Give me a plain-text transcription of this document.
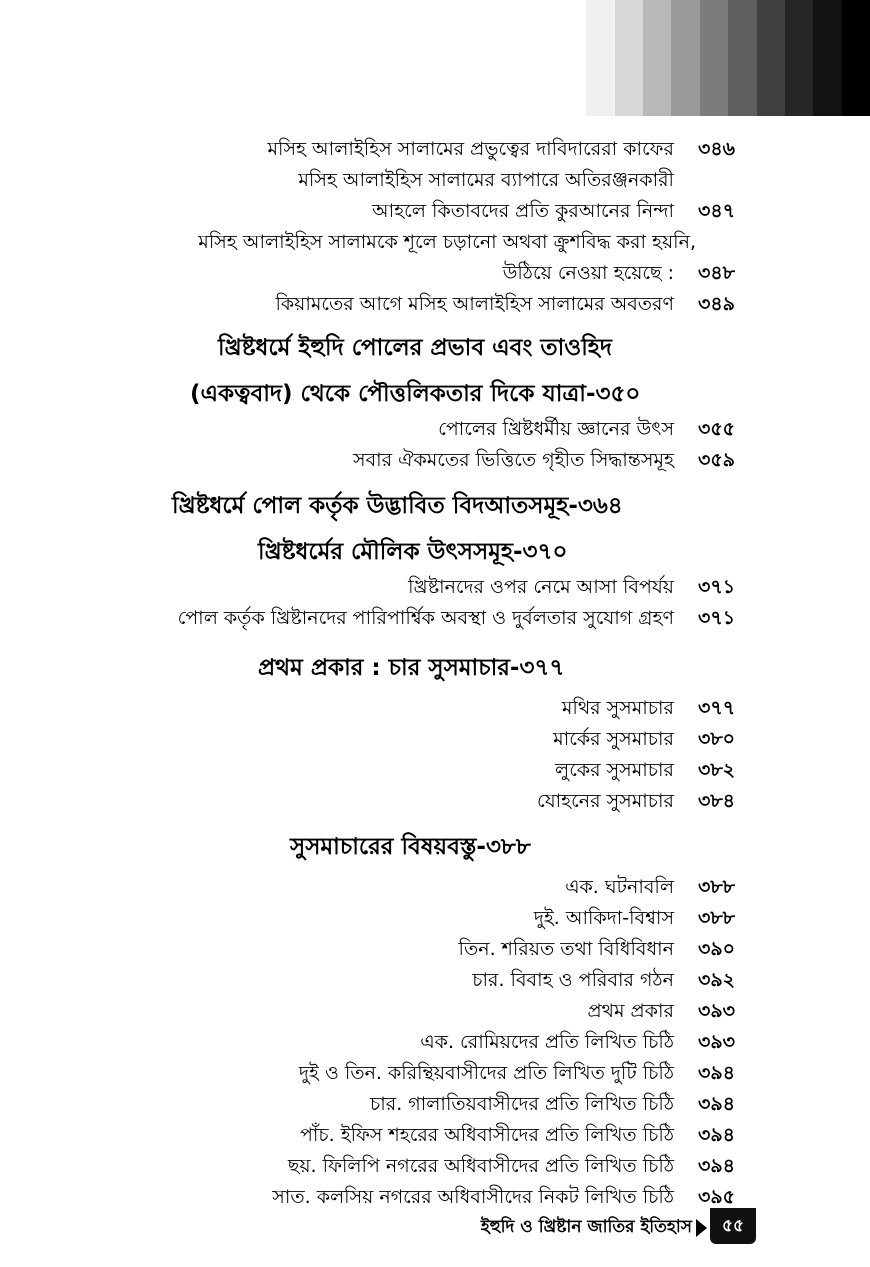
মসিহ আলাইহিস সালামের প্রভুত্বের দাবিদারেরা কাফের ৩৪৬
মসিহ আলাইহিস সালামের ব্যাপারে অতিরঞ্জনকারী
আহলে কিতাবদের প্রতি কুরআনের নিন্দা ৩৪৭
মসিহ আলাইহিস সালামকে শূলে চড়ানো অথবা ক্রুশবিদ্ধ করা হয়নি,
উঠিয়ে নেওয়া হয়েছে : ৩৪৮
কিয়ামতের আগে মসিহ আলাইহিস সালামের অবতরণ ৩৪৯
খ্রিষ্টধর্মে ইহুদি পোলের প্রভাব এবং তাওহিদ
(একত্ববাদ) থেকে পৌত্তলিকতার দিকে যাত্রা-৩৫০
পোলের খ্রিষ্টধর্মীয় জ্ঞানের উৎস ৩৫৫
সবার ঐকমতের ভিত্তিতে গৃহীত সিদ্ধান্তসমূহ ৩৫৯
খ্রিষ্টধর্মে পোল কর্তৃক উদ্ভাবিত বিদআতসমূহ-৩৬৪
খ্রিষ্টধর্মের মৌলিক উৎসসমূহ-৩৭০
খ্রিষ্টানদের ওপর নেমে আসা বিপর্যয় ৩৭১
পোল কর্তৃক খ্রিষ্টানদের পারিপার্শ্বিক অবস্থা ও দুর্বলতার সুযোগ গ্রহণ ৩৭১
প্রথম প্রকার : চার সুসমাচার-৩৭৭
মথির সুসমাচার ৩৭৭
মার্কের সুসমাচার ৩৮০
লুকের সুসমাচার ৩৮২
যোহনের সুসমাচার ৩৮৪
সুসমাচারের বিষয়বস্তু-৩৮৮
এক. ঘটনাবলি ৩৮৮
দুই. আকিদা-বিশ্বাস ৩৮৮
তিন. শরিয়ত তথা বিধিবিধান ৩৯০
চার. বিবাহ ও পরিবার গঠন ৩৯২
প্রথম প্রকার ৩৯৩
এক. রোমিয়দের প্রতি লিখিত চিঠি ৩৯৩
দুই ও তিন. করিন্থিয়বাসীদের প্রতি লিখিত দুটি চিঠি ৩৯৪
চার. গালাতিয়বাসীদের প্রতি লিখিত চিঠি ৩৯৪
পাঁচ. ইফিস শহরের অধিবাসীদের প্রতি লিখিত চিঠি ৩৯৪
ছয়. ফিলিপি নগরের অধিবাসীদের প্রতি লিখিত চিঠি ৩৯৪
সাত. কলসিয় নগরের অধিবাসীদের নিকট লিখিত চিঠি ৩৯৫
ইহুদি ও খ্রিষ্টান জাতির ইতিহাস	৫৫
